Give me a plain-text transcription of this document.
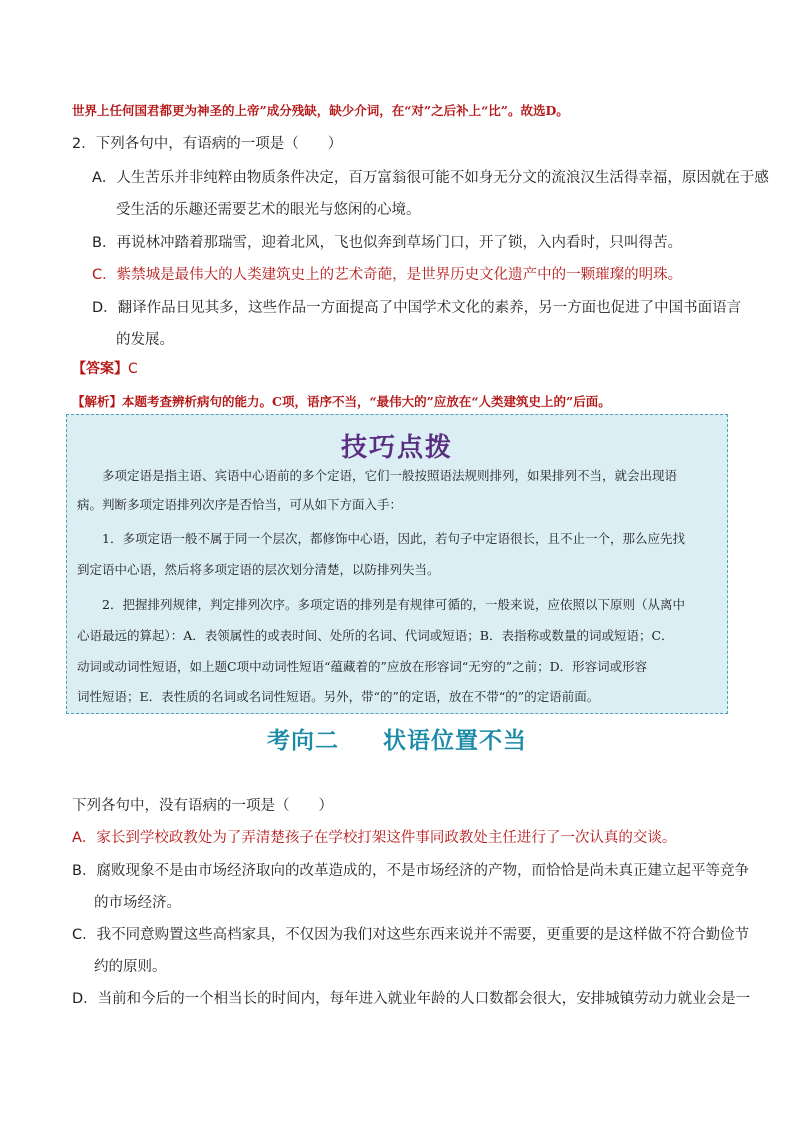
世界上任何国君都更为神圣的上帝”成分残缺，缺少介词，在“对”之后补上“比”。故选D。
2．下列各句中，有语病的一项是（　　）
A．人生苦乐并非纯粹由物质条件决定，百万富翁很可能不如身无分文的流浪汉生活得幸福，原因就在于感
受生活的乐趣还需要艺术的眼光与悠闲的心境。
B．再说林冲踏着那瑞雪，迎着北风，飞也似奔到草场门口，开了锁，入内看时，只叫得苦。
C．紫禁城是最伟大的人类建筑史上的艺术奇葩，是世界历史文化遗产中的一颗璀璨的明珠。
D．翻译作品日见其多，这些作品一方面提高了中国学术文化的素养，另一方面也促进了中国书面语言
的发展。
【答案】C
【解析】本题考查辨析病句的能力。C项，语序不当，“最伟大的”应放在“人类建筑史上的”后面。
技巧点拨
　　多项定语是指主语、宾语中心语前的多个定语，它们一般按照语法规则排列，如果排列不当，就会出现语
病。判断多项定语排列次序是否恰当，可从如下方面入手：
　　1．多项定语一般不属于同一个层次，都修饰中心语，因此，若句子中定语很长，且不止一个，那么应先找
到定语中心语，然后将多项定语的层次划分清楚，以防排列失当。
　　2．把握排列规律，判定排列次序。多项定语的排列是有规律可循的，一般来说，应依照以下原则（从离中
心语最远的算起）：A．表领属性的或表时间、处所的名词、代词或短语；B．表指称或数量的词或短语；C．
动词或动词性短语，如上题C项中动词性短语“蕴藏着的”应放在形容词“无穷的”之前；D．形容词或形容
词性短语；E．表性质的名词或名词性短语。另外，带“的”的定语，放在不带“的”的定语前面。
考向二 状语位置不当
下列各句中，没有语病的一项是（　　）
A．家长到学校政教处为了弄清楚孩子在学校打架这件事同政教处主任进行了一次认真的交谈。
B．腐败现象不是由市场经济取向的改革造成的，不是市场经济的产物，而恰恰是尚未真正建立起平等竞争
的市场经济。
C．我不同意购置这些高档家具，不仅因为我们对这些东西来说并不需要，更重要的是这样做不符合勤俭节
约的原则。
D．当前和今后的一个相当长的时间内，每年进入就业年龄的人口数都会很大，安排城镇劳动力就业会是一
